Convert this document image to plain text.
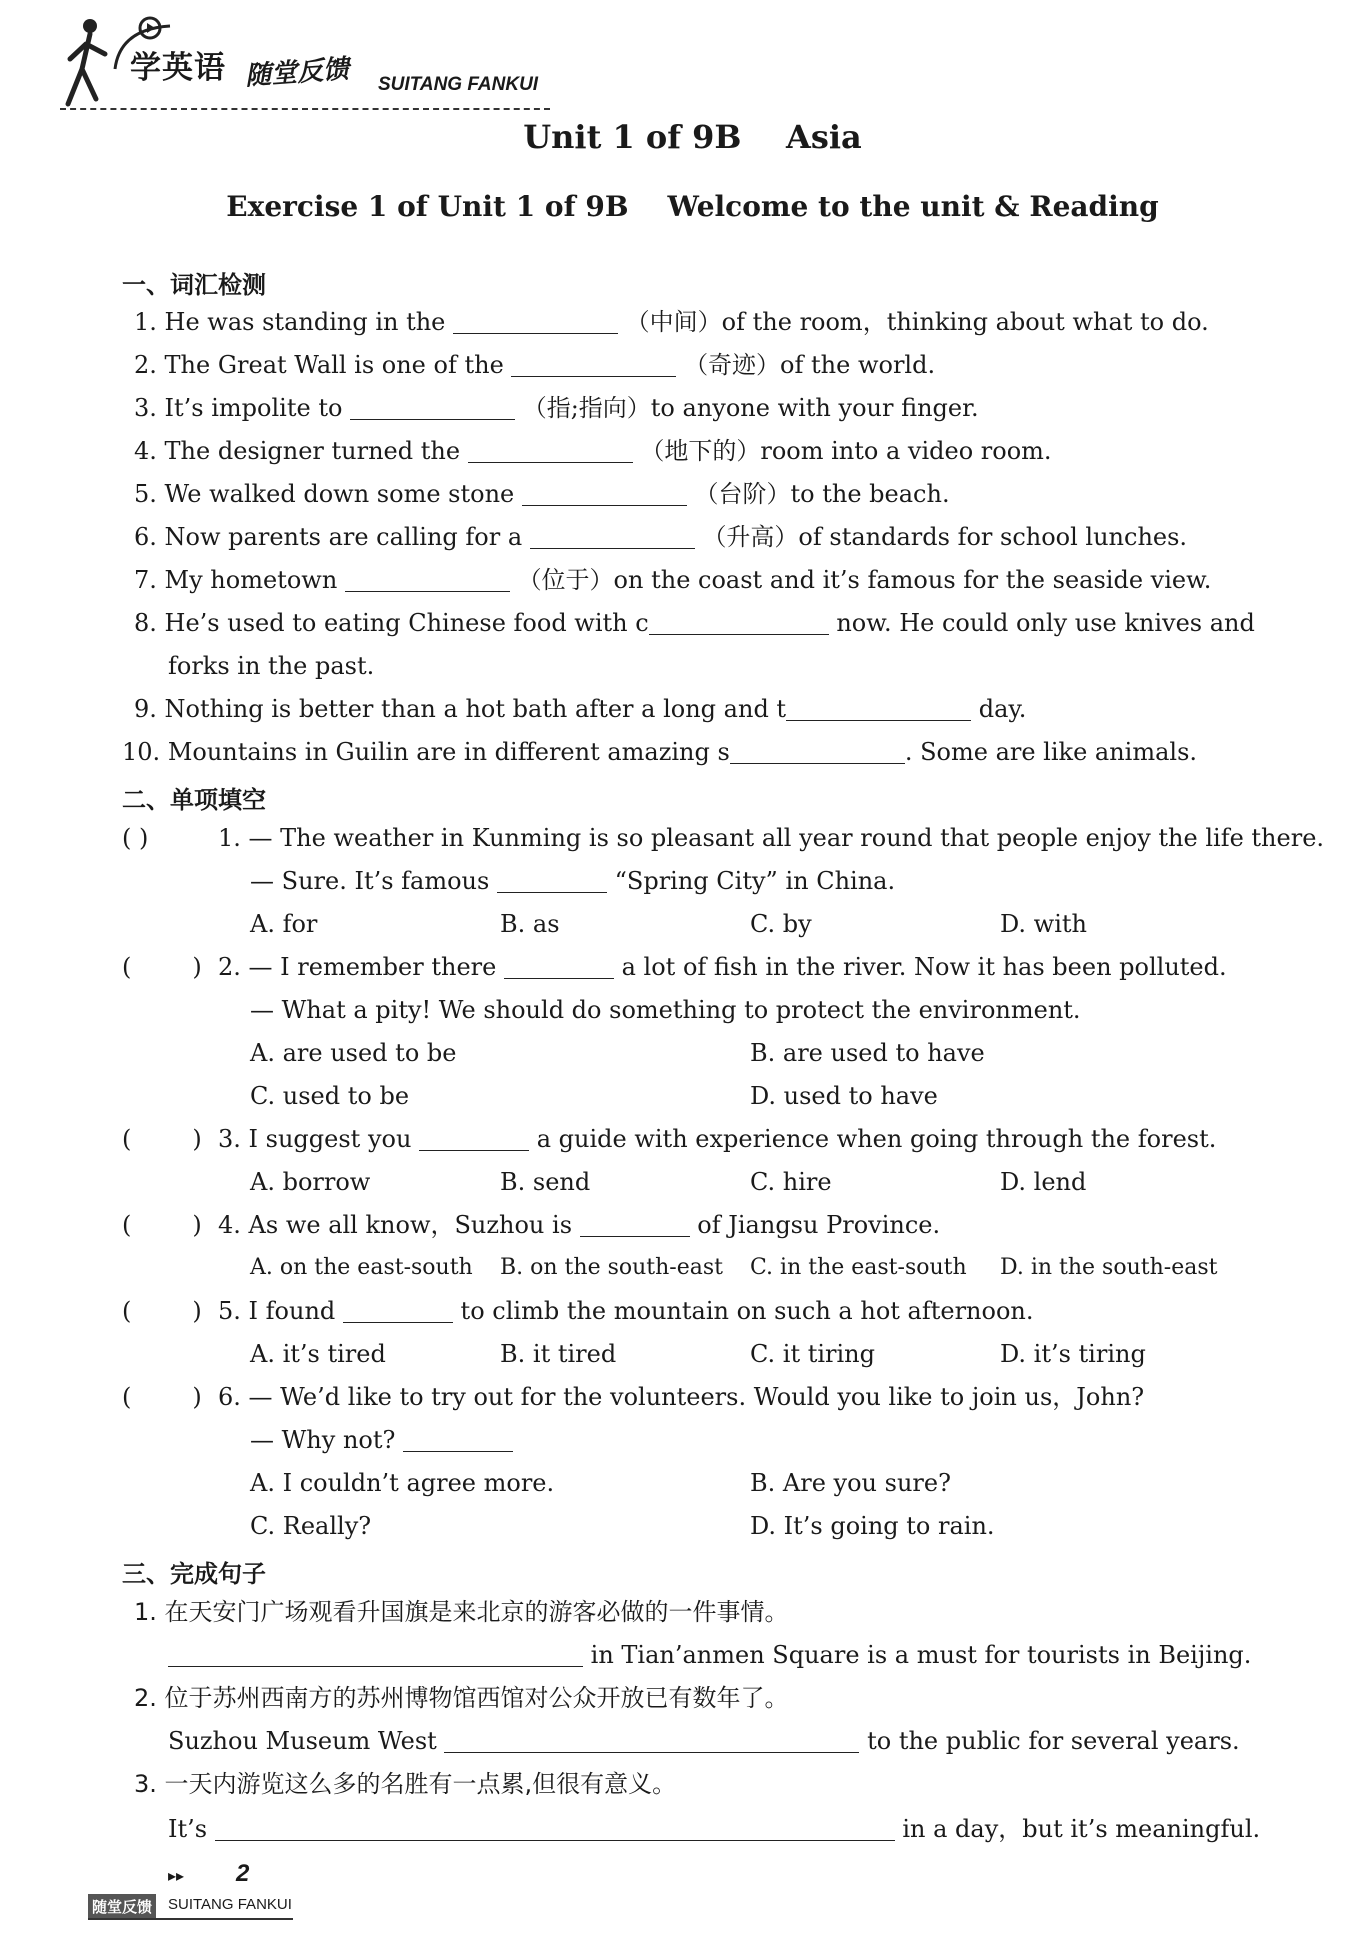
学英语 随堂反馈 SUITANG FANKUI
Unit 1 of 9B    Asia
Exercise 1 of Unit 1 of 9B    Welcome to the unit & Reading
一、词汇检测
1. He was standing in the	（中间）of the room，thinking about what to do.
2. The Great Wall is one of the	（奇迹）of the world.
3. It’s impolite to	（指;指向）to anyone with your finger.
4. The designer turned the	（地下的）room into a video room.
5. We walked down some stone	（台阶）to the beach.
6. Now parents are calling for a	（升高）of standards for school lunches.
7. My hometown	（位于）on the coast and it’s famous for the seaside view.
8. He’s used to eating Chinese food with c	now. He could only use knives and
forks in the past.
9. Nothing is better than a hot bath after a long and t	day.
10. Mountains in Guilin are in different amazing s	. Some are like animals.
二、单项填空
( )	1. — The weather in Kunming is so pleasant all year round that people enjoy the life there.
— Sure. It’s famous	“Spring City” in China.
A. for	B. as	C. by	D. with
(        ) 2. — I remember there	a lot of fish in the river. Now it has been polluted.
— What a pity! We should do something to protect the environment.
A. are used to be	B. are used to have
C. used to be	D. used to have
(        ) 3. I suggest you	a guide with experience when going through the forest.
A. borrow	B. send	C. hire	D. lend
(        ) 4. As we all know，Suzhou is	of Jiangsu Province.
A. on the east-south B. on the south-east C. in the east-south D. in the south-east
(        ) 5. I found	to climb the mountain on such a hot afternoon.
A. it’s tired	B. it tired	C. it tiring	D. it’s tiring
(        ) 6. — We’d like to try out for the volunteers. Would you like to join us，John?
— Why not?
A. I couldn’t agree more.	B. Are you sure?
C. Really?	D. It’s going to rain.
三、完成句子
1. 在天安门广场观看升国旗是来北京的游客必做的一件事情。
in Tian’anmen Square is a must for tourists in Beijing.
2. 位于苏州西南方的苏州博物馆西馆对公众开放已有数年了。
Suzhou Museum West	to the public for several years.
3. 一天内游览这么多的名胜有一点累,但很有意义。
It’s	in a day，but it’s meaningful.
▸▸ 2
随堂反馈 SUITANG FANKUI
